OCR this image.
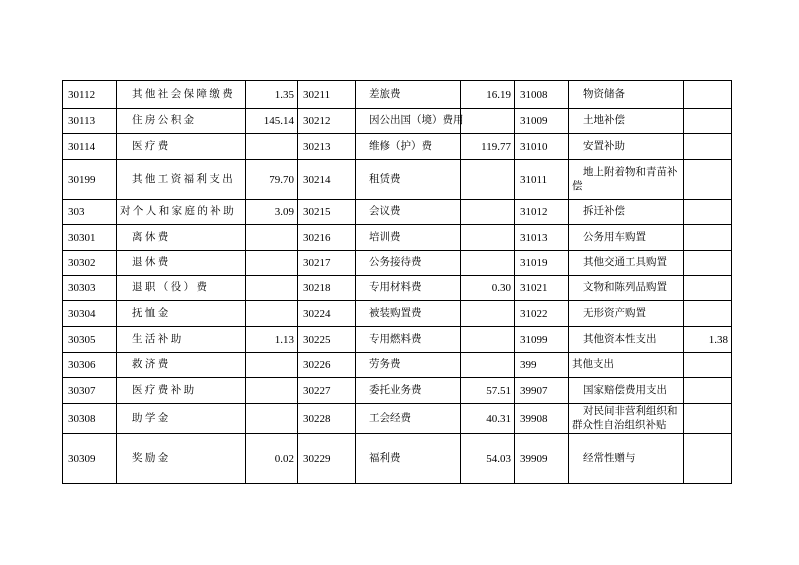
30112	其他社会保障缴费	1.35	30211	差旅费	16.19	31008	物资储备	
30113	住房公积金	145.14	30212	因公出国（境）费用		31009	土地补偿	
30114	医疗费		30213	维修（护）费	119.77	31010	安置补助	
30199	其他工资福利支出	79.70	30214	租赁费		31011	地上附着物和青苗补偿	
303	对个人和家庭的补助	3.09	30215	会议费		31012	拆迁补偿	
30301	离休费		30216	培训费		31013	公务用车购置	
30302	退休费		30217	公务接待费		31019	其他交通工具购置	
30303	退职（役）费		30218	专用材料费	0.30	31021	文物和陈列品购置	
30304	抚恤金		30224	被装购置费		31022	无形资产购置	
30305	生活补助	1.13	30225	专用燃料费		31099	其他资本性支出	1.38
30306	救济费		30226	劳务费		399	其他支出	
30307	医疗费补助		30227	委托业务费	57.51	39907	国家赔偿费用支出	
30308	助学金		30228	工会经费	40.31	39908	对民间非营利组织和群众性自治组织补贴	
30309	奖励金	0.02	30229	福利费	54.03	39909	经常性赠与	
